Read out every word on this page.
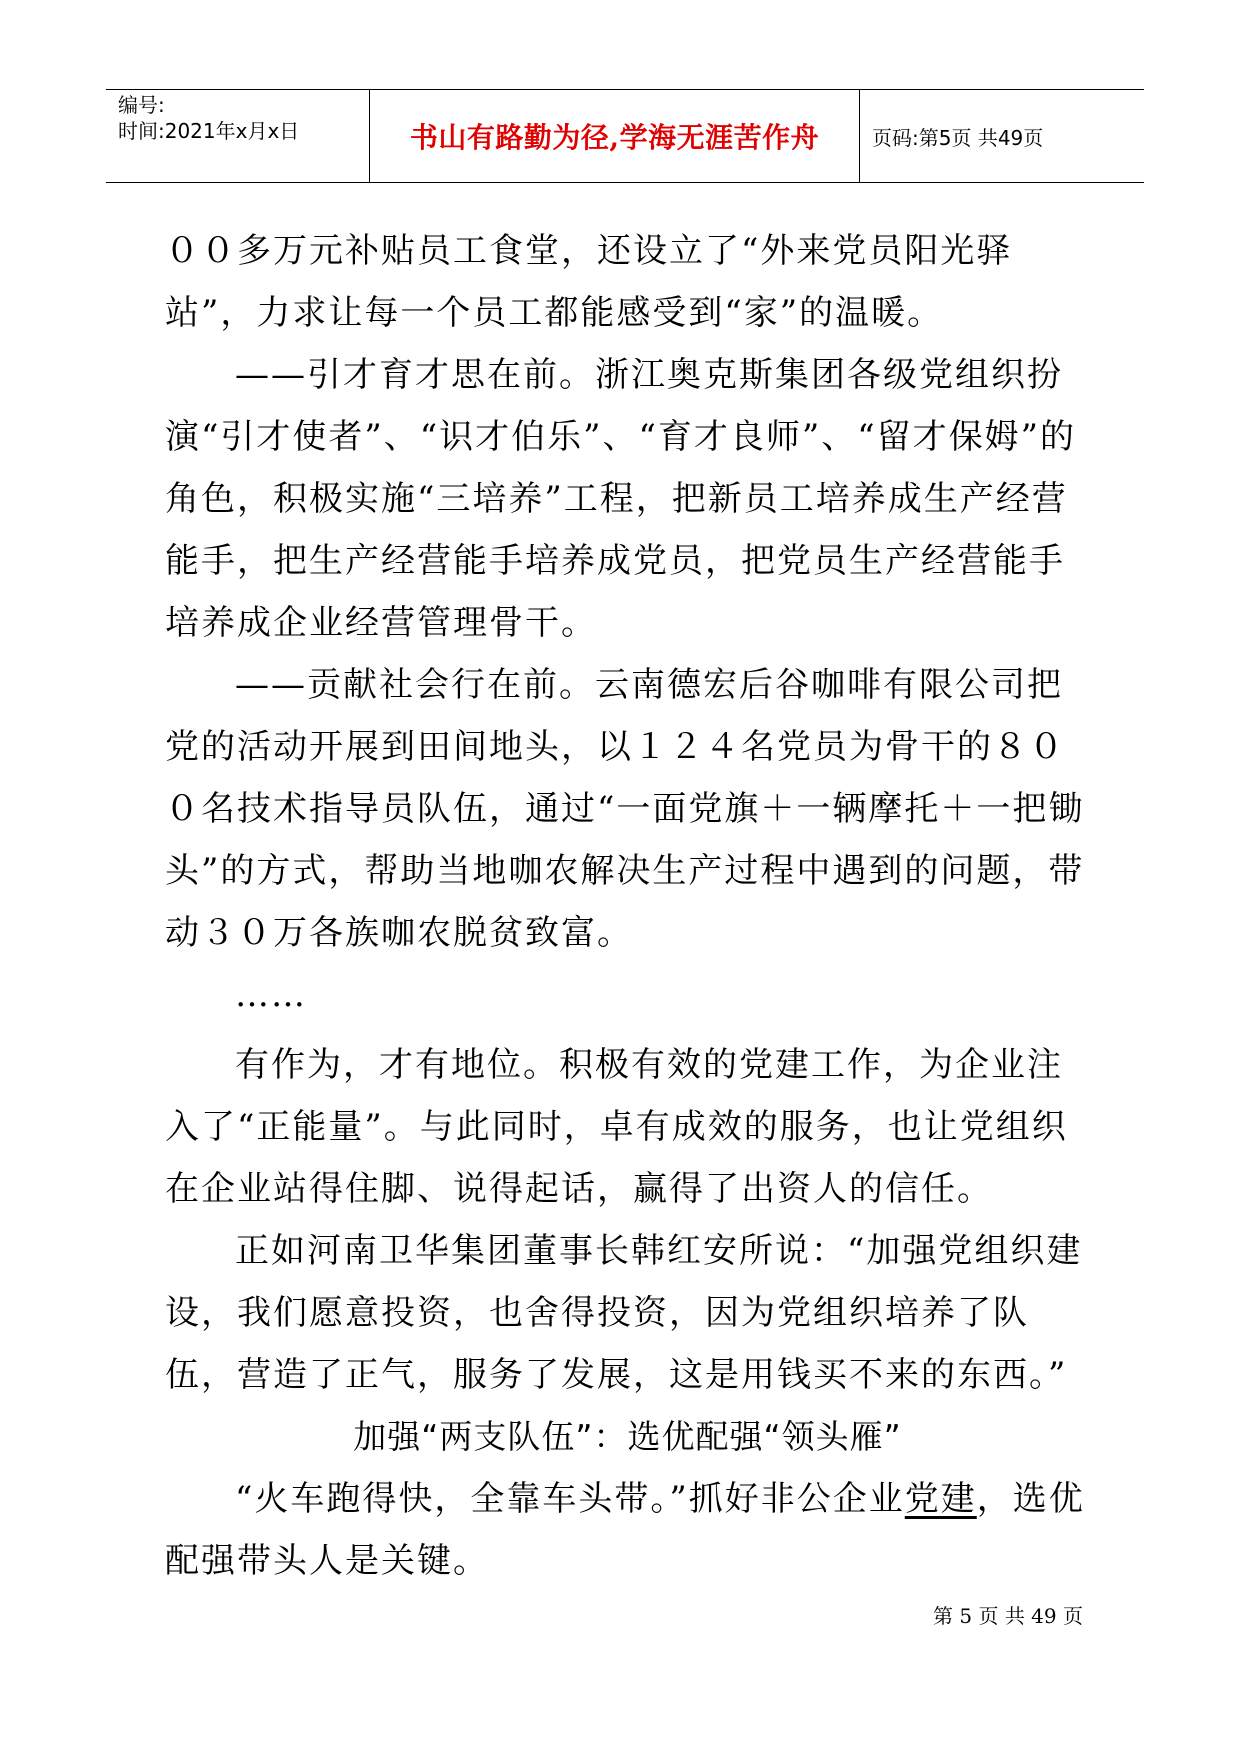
编号:
时间:2021年x月x日	书山有路勤为径,学海无涯苦作舟	页码:第5页 共49页

００多万元补贴员工食堂，还设立了“外来党员阳光驿站”，力求让每一个员工都能感受到“家”的温暖。

——引才育才思在前。浙江奥克斯集团各级党组织扮演“引才使者”、“识才伯乐”、“育才良师”、“留才保姆”的角色，积极实施“三培养”工程，把新员工培养成生产经营能手，把生产经营能手培养成党员，把党员生产经营能手培养成企业经营管理骨干。

——贡献社会行在前。云南德宏后谷咖啡有限公司把党的活动开展到田间地头，以１２４名党员为骨干的８００名技术指导员队伍，通过“一面党旗＋一辆摩托＋一把锄头”的方式，帮助当地咖农解决生产过程中遇到的问题，带动３０万各族咖农脱贫致富。

……

有作为，才有地位。积极有效的党建工作，为企业注入了“正能量”。与此同时，卓有成效的服务，也让党组织在企业站得住脚、说得起话，赢得了出资人的信任。

正如河南卫华集团董事长韩红安所说：“加强党组织建设，我们愿意投资，也舍得投资，因为党组织培养了队伍，营造了正气，服务了发展，这是用钱买不来的东西。”

加强“两支队伍”：选优配强“领头雁”

“火车跑得快，全靠车头带。”抓好非公企业党建，选优配强带头人是关键。

第 5 页 共 49 页
